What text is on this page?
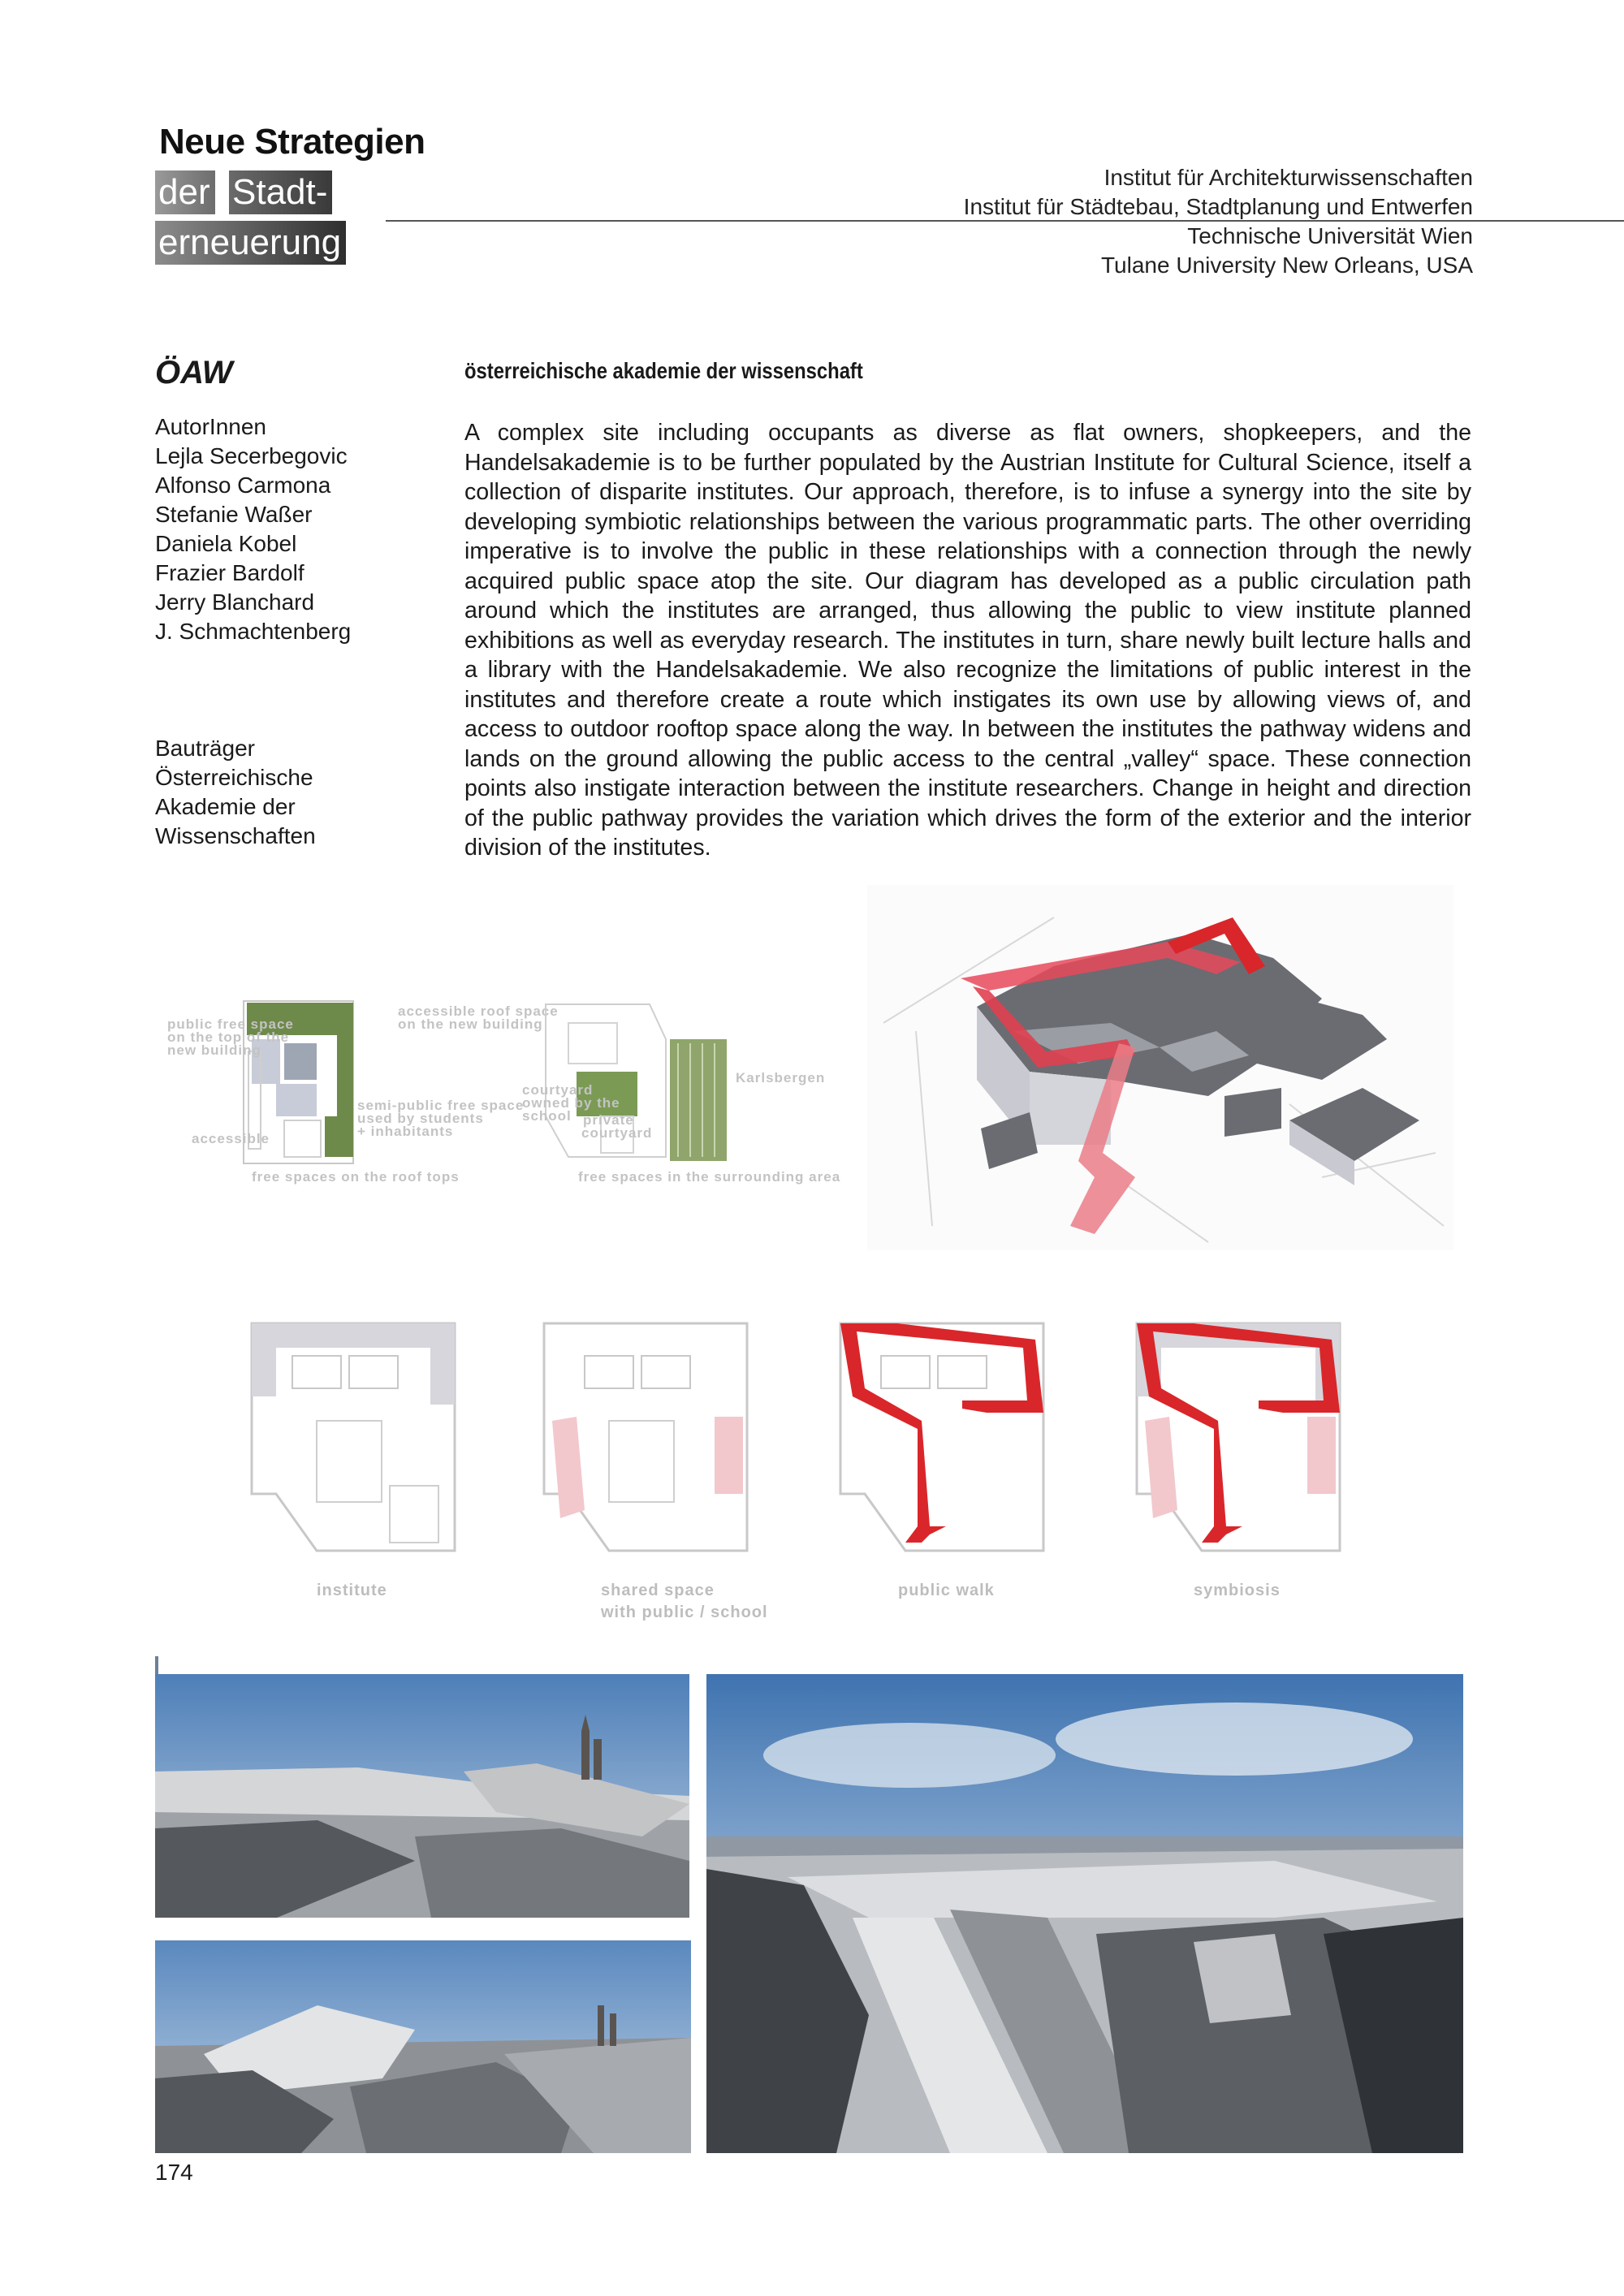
Neue Strategien
der Stadt-
erneuerung
Institut für Architekturwissenschaften
Institut für Städtebau, Stadtplanung und Entwerfen
Technische Universität Wien
Tulane University New Orleans, USA
ÖAW
AutorInnen
Lejla Secerbegovic
Alfonso Carmona
Stefanie Waßer
Daniela Kobel
Frazier Bardolf
Jerry Blanchard
J. Schmachtenberg
Bauträger
Österreichische
Akademie der
Wissenschaften
österreichische akademie der wissenschaft
A complex site including occupants as diverse as flat owners, shopkeepers, and the Handelsakademie is to be further populated by the Austrian Institute for Cultural Science, itself a collection of disparite institutes. Our approach, therefore, is to infuse a synergy into the site by developing symbiotic relationships between the various programmatic parts. The other overriding imperative is to involve the public in these relationships with a connection through the newly acquired public space atop the site. Our diagram has developed as a public circulation path around which the institutes are arranged, thus allowing the public to view institute planned exhibitions as well as everyday research. The institutes in turn, share newly built lecture halls and a library with the Handelsakademie. We also recognize the limitations of public interest in the institutes and therefore create a route which instigates its own use by allowing views of, and access to outdoor rooftop space along the way. In between the institutes the pathway widens and lands on the ground allowing the public access to the central „valley“ space. These connection points also instigate interaction between the institute researchers. Change in height and direction of the public pathway provides the variation which drives the form of the exterior and the interior division of the institutes.
public free space
on the top of the
new building
accessible roof space
on the new building
semi-public free space
used by students
+ inhabitants
accessible
free spaces on the roof tops
courtyard
owned by the
school private
courtyard
Karlsbergen
free spaces in the surrounding area
institute	shared space
with public / school
public walk	symbiosis
174
